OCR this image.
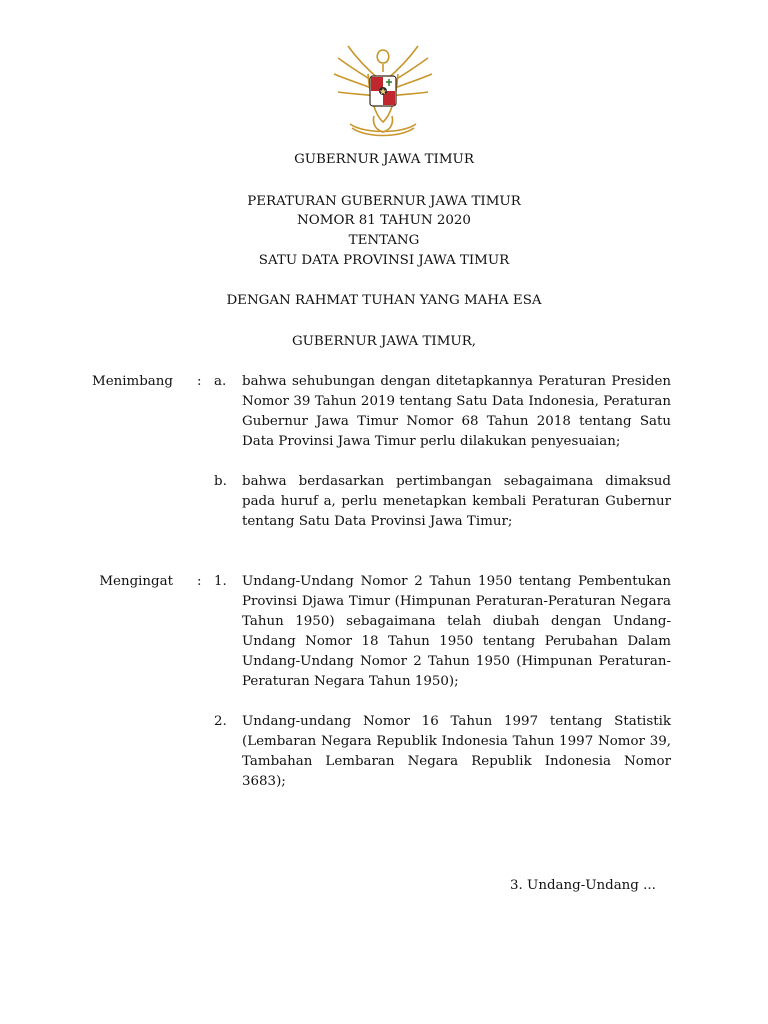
GUBERNUR JAWA TIMUR
PERATURAN GUBERNUR JAWA TIMUR
NOMOR 81 TAHUN 2020
TENTANG
SATU DATA PROVINSI JAWA TIMUR
DENGAN RAHMAT TUHAN YANG MAHA ESA
GUBERNUR JAWA TIMUR,
Menimbang : a. bahwa sehubungan dengan ditetapkannya Peraturan Presiden Nomor 39 Tahun 2019 tentang Satu Data Indonesia, Peraturan Gubernur Jawa Timur Nomor 68 Tahun 2018 tentang Satu Data Provinsi Jawa Timur perlu dilakukan penyesuaian;
b. bahwa berdasarkan pertimbangan sebagaimana dimaksud pada huruf a, perlu menetapkan kembali Peraturan Gubernur tentang Satu Data Provinsi Jawa Timur;
Mengingat : 1. Undang-Undang Nomor 2 Tahun 1950 tentang Pembentukan Provinsi Djawa Timur (Himpunan Peraturan-Peraturan Negara Tahun 1950) sebagaimana telah diubah dengan Undang-Undang Nomor 18 Tahun 1950 tentang Perubahan Dalam Undang-Undang Nomor 2 Tahun 1950 (Himpunan Peraturan-Peraturan Negara Tahun 1950);
2. Undang-undang Nomor 16 Tahun 1997 tentang Statistik (Lembaran Negara Republik Indonesia Tahun 1997 Nomor 39, Tambahan Lembaran Negara Republik Indonesia Nomor 3683);
3. Undang-Undang ...
